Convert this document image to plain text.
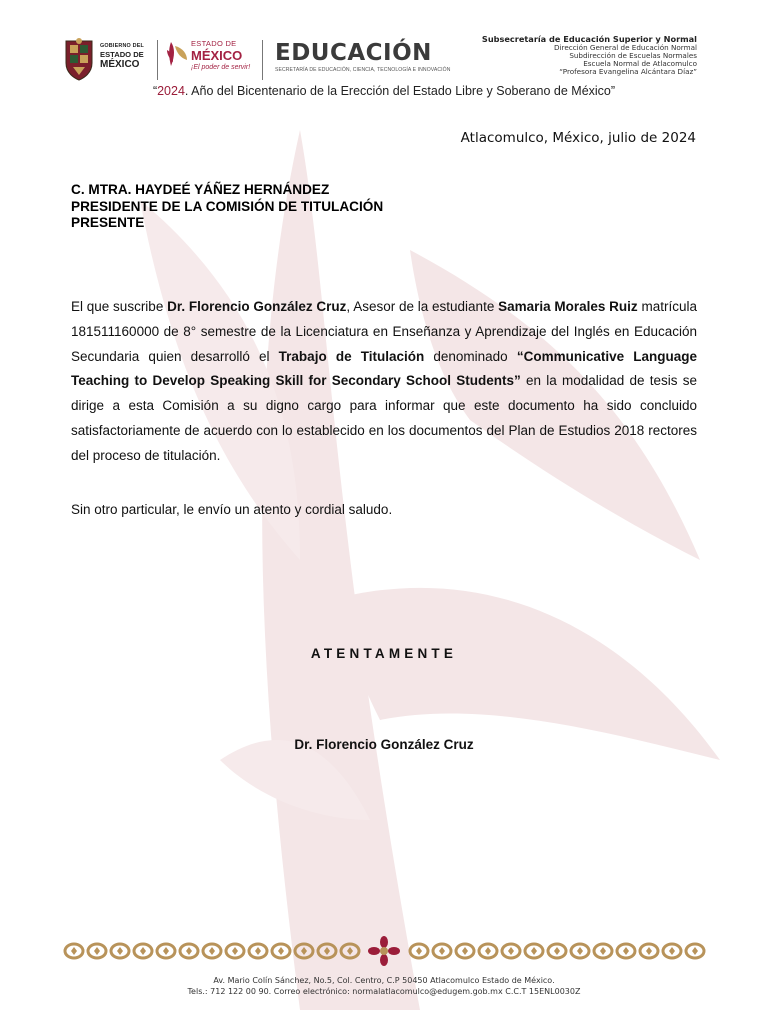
GOBIERNO DEL
ESTADO DE
MÉXICO
ESTADO DE
MÉXICO
¡El poder de servir!
EDUCACIÓN
SECRETARÍA DE EDUCACIÓN, CIENCIA, TECNOLOGÍA E INNOVACIÓN
Subsecretaría de Educación Superior y Normal
Dirección General de Educación Normal
Subdirección de Escuelas Normales
Escuela Normal de Atlacomulco
“Profesora Evangelina Alcántara Díaz”
“2024. Año del Bicentenario de la Erección del Estado Libre y Soberano de México”
Atlacomulco, México, julio de 2024
C. MTRA. HAYDEÉ YÁÑEZ HERNÁNDEZ
PRESIDENTE DE LA COMISIÓN DE TITULACIÓN
PRESENTE
El que suscribe Dr. Florencio González Cruz, Asesor de la estudiante Samaria Morales Ruiz matrícula 181511160000 de 8° semestre de la Licenciatura en Enseñanza y Aprendizaje del Inglés en Educación Secundaria quien desarrolló el Trabajo de Titulación denominado “Communicative Language Teaching to Develop Speaking Skill for Secondary School Students” en la modalidad de tesis se dirige a esta Comisión a su digno cargo para informar que este documento ha sido concluido satisfactoriamente de acuerdo con lo establecido en los documentos del Plan de Estudios 2018 rectores del proceso de titulación.
Sin otro particular, le envío un atento y cordial saludo.
ATENTAMENTE
Dr. Florencio González Cruz
Av. Mario Colín Sánchez, No.5, Col. Centro, C.P 50450 Atlacomulco Estado de México.
Tels.: 712 122 00 90. Correo electrónico: normalatlacomulco@edugem.gob.mx C.C.T 15ENL0030Z
